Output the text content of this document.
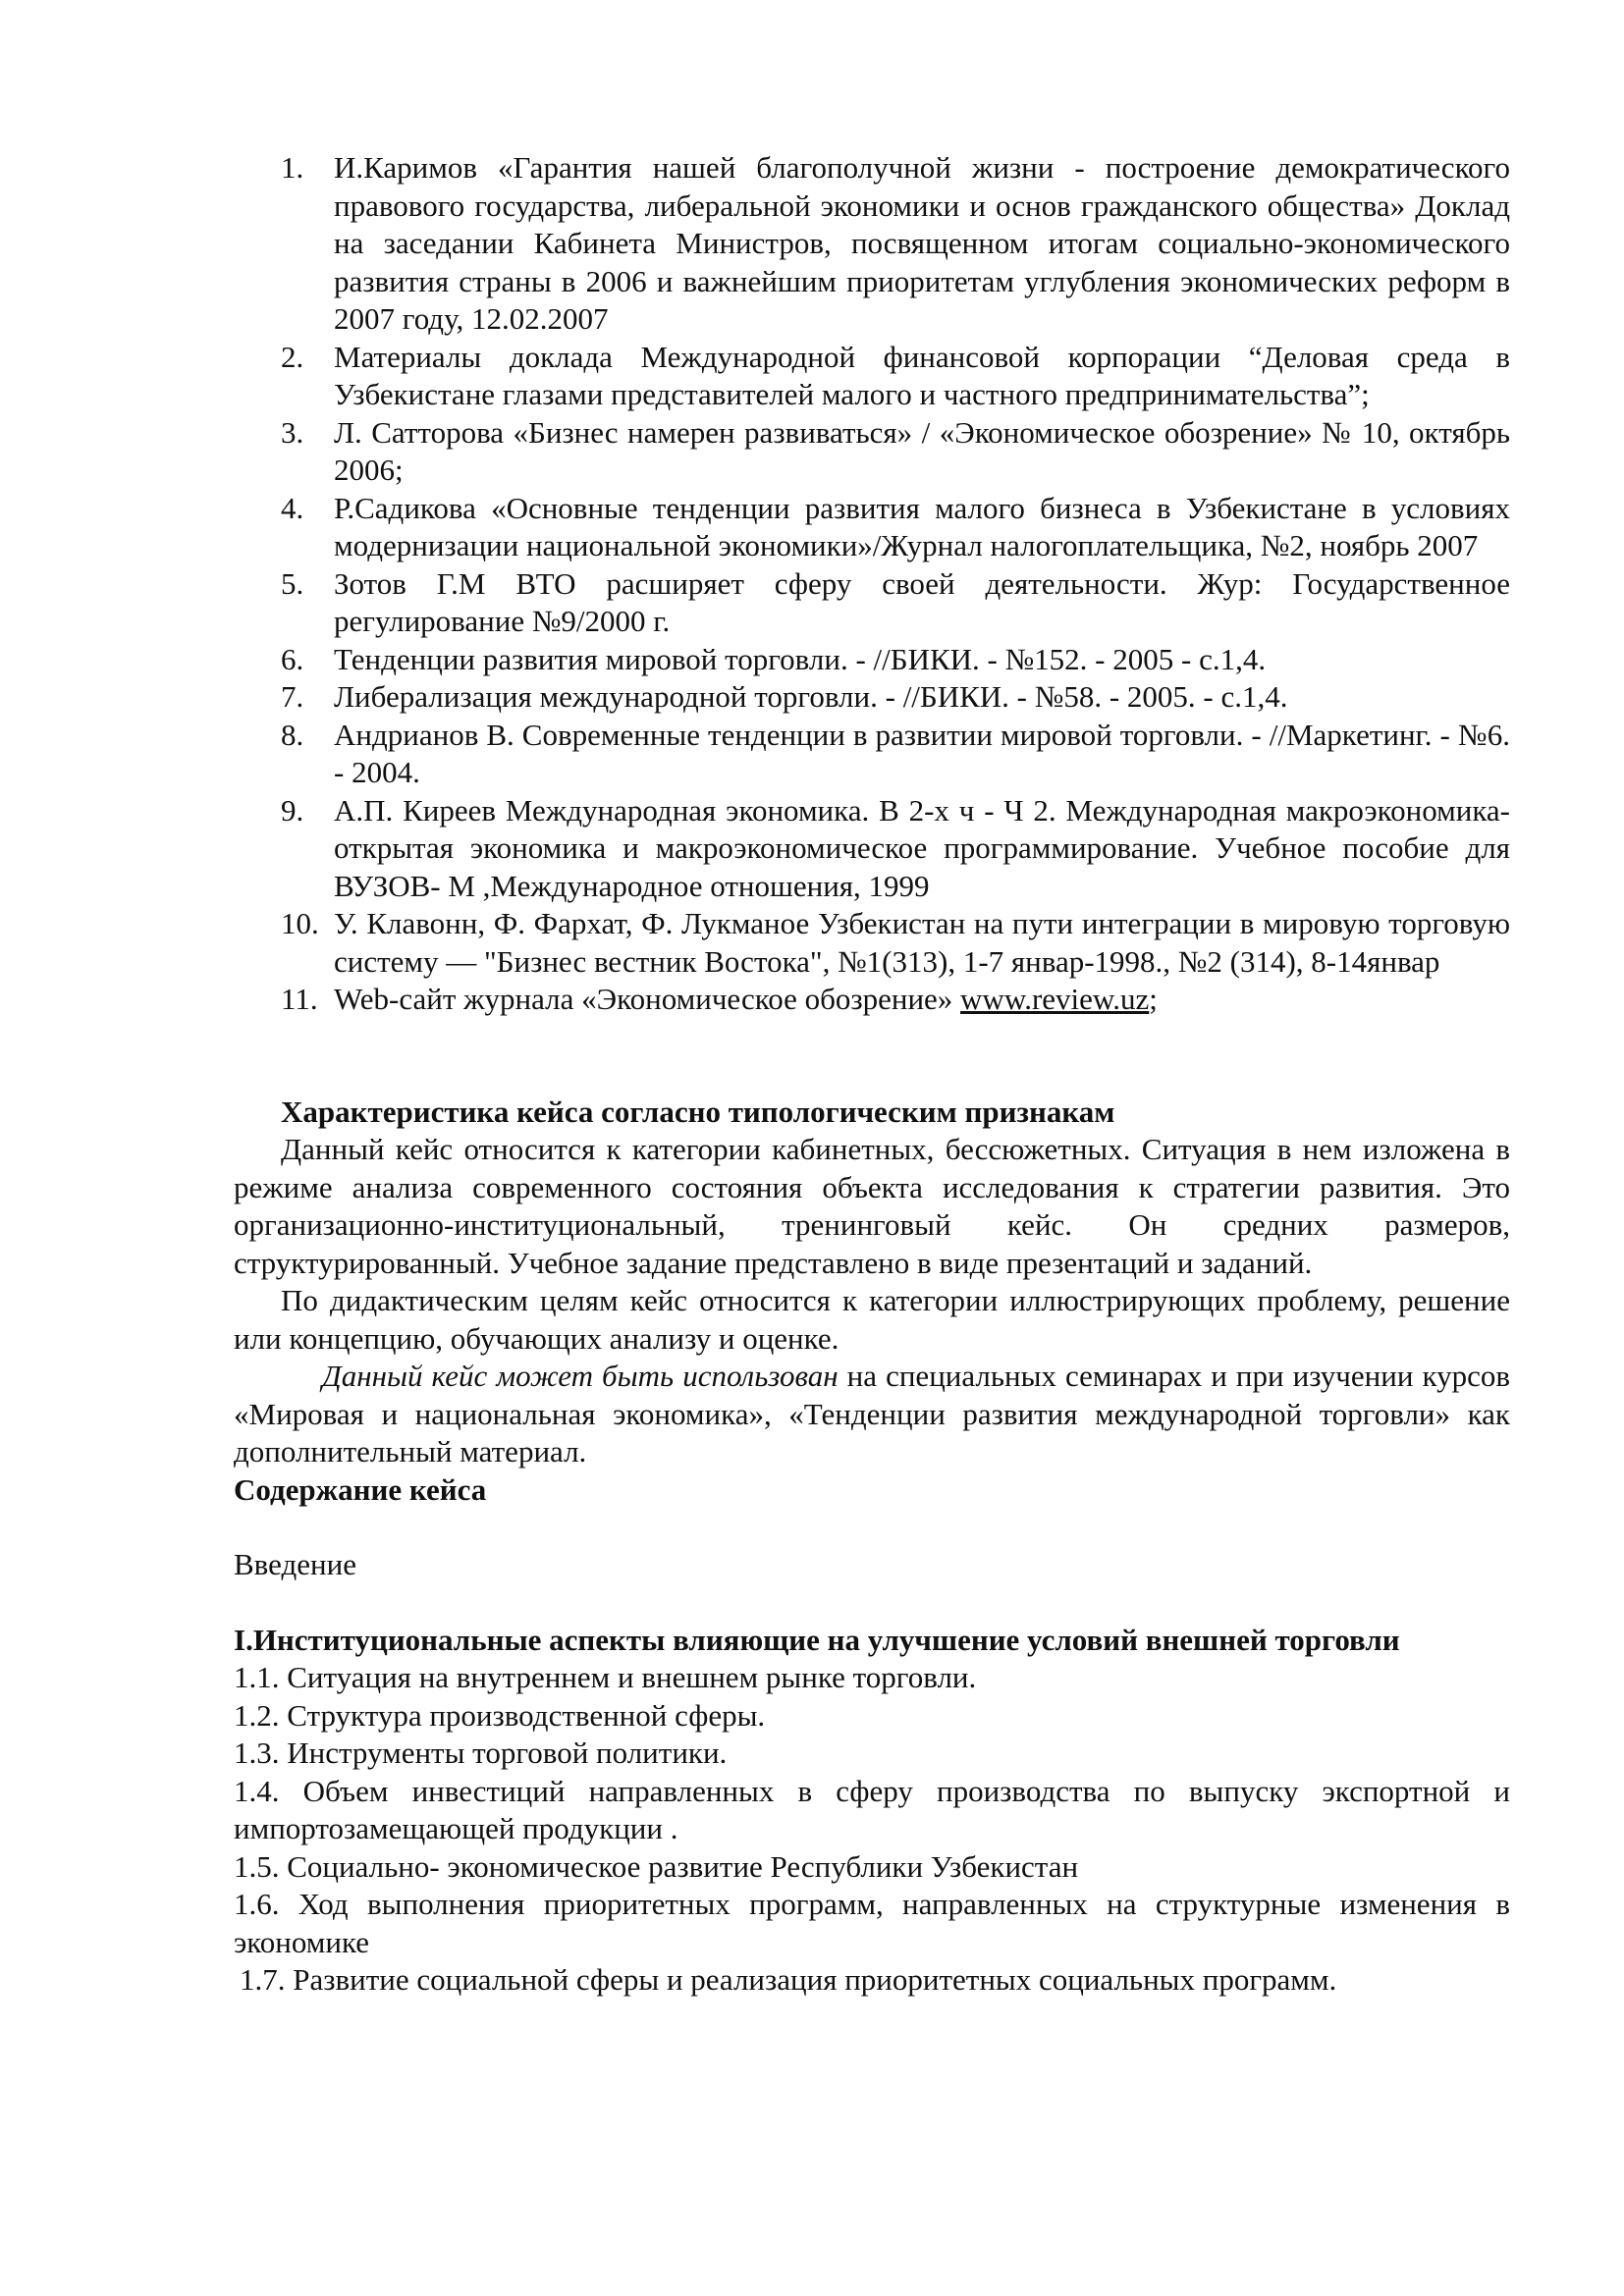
1. И.Каримов «Гарантия нашей благополучной жизни - построение демократического правового государства, либеральной экономики и основ гражданского общества» Доклад на заседании Кабинета Министров, посвященном итогам социально-экономического развития страны в 2006 и важнейшим приоритетам углубления экономических реформ в 2007 году, 12.02.2007
2. Материалы доклада Международной финансовой корпорации “Деловая среда в Узбекистане глазами представителей малого и частного предпринимательства”;
3. Л. Сатторова «Бизнес намерен развиваться» / «Экономическое обозрение» № 10, октябрь 2006;
4. Р.Садикова «Основные тенденции развития малого бизнеса в Узбекистане в условиях модернизации национальной экономики»/Журнал налогоплательщика, №2, ноябрь 2007
5. Зотов Г.М ВТО расширяет сферу своей деятельности. Жур: Государственное регулирование №9/2000 г.
6. Тенденции развития мировой торговли. - //БИКИ. - №152. - 2005 - с.1,4.
7. Либерализация международной торговли. - //БИКИ. - №58. - 2005. - с.1,4.
8. Андрианов В. Современные тенденции в развитии мировой торговли. - //Маркетинг. - №6. - 2004.
9. А.П. Киреев Международная экономика. В 2-х ч - Ч 2. Международная макроэкономика- открытая экономика и макроэкономическое программирование. Учебное пособие для ВУЗОВ- М ,Международное отношения, 1999
10. У. Клавонн, Ф. Фархат, Ф. Лукманое Узбекистан на пути интеграции в мировую торговую систему — "Бизнес вестник Востока", №1(313), 1-7 январ-1998., №2 (314), 8-14январ
11. Web-сайт журнала «Экономическое обозрение» www.review.uz;
Характеристика кейса согласно типологическим признакам

Данный кейс относится к категории кабинетных, бессюжетных. Ситуация в нем изложена в режиме анализа современного состояния объекта исследования к стратегии развития. Это организационно-институциональный, тренинговый кейс. Он средних размеров, структурированный. Учебное задание представлено в виде презентаций и заданий.

По дидактическим целям кейс относится к категории иллюстрирующих проблему, решение или концепцию, обучающих анализу и оценке.

Данный кейс может быть использован на специальных семинарах и при изучении курсов «Мировая и национальная экономика», «Тенденции развития международной торговли» как дополнительный материал.

Содержание кейса
Введение
I.Институциональные аспекты влияющие на улучшение условий внешней торговли
1.1. Ситуация на внутреннем и внешнем рынке торговли.
1.2. Структура производственной сферы.
1.3. Инструменты торговой политики.
1.4. Объем инвестиций направленных в сферу производства по выпуску экспортной и импортозамещающей продукции .
1.5. Социально- экономическое развитие Республики Узбекистан
1.6. Ход выполнения приоритетных программ, направленных на структурные изменения в экономике
1.7. Развитие социальной сферы и реализация приоритетных социальных программ.
